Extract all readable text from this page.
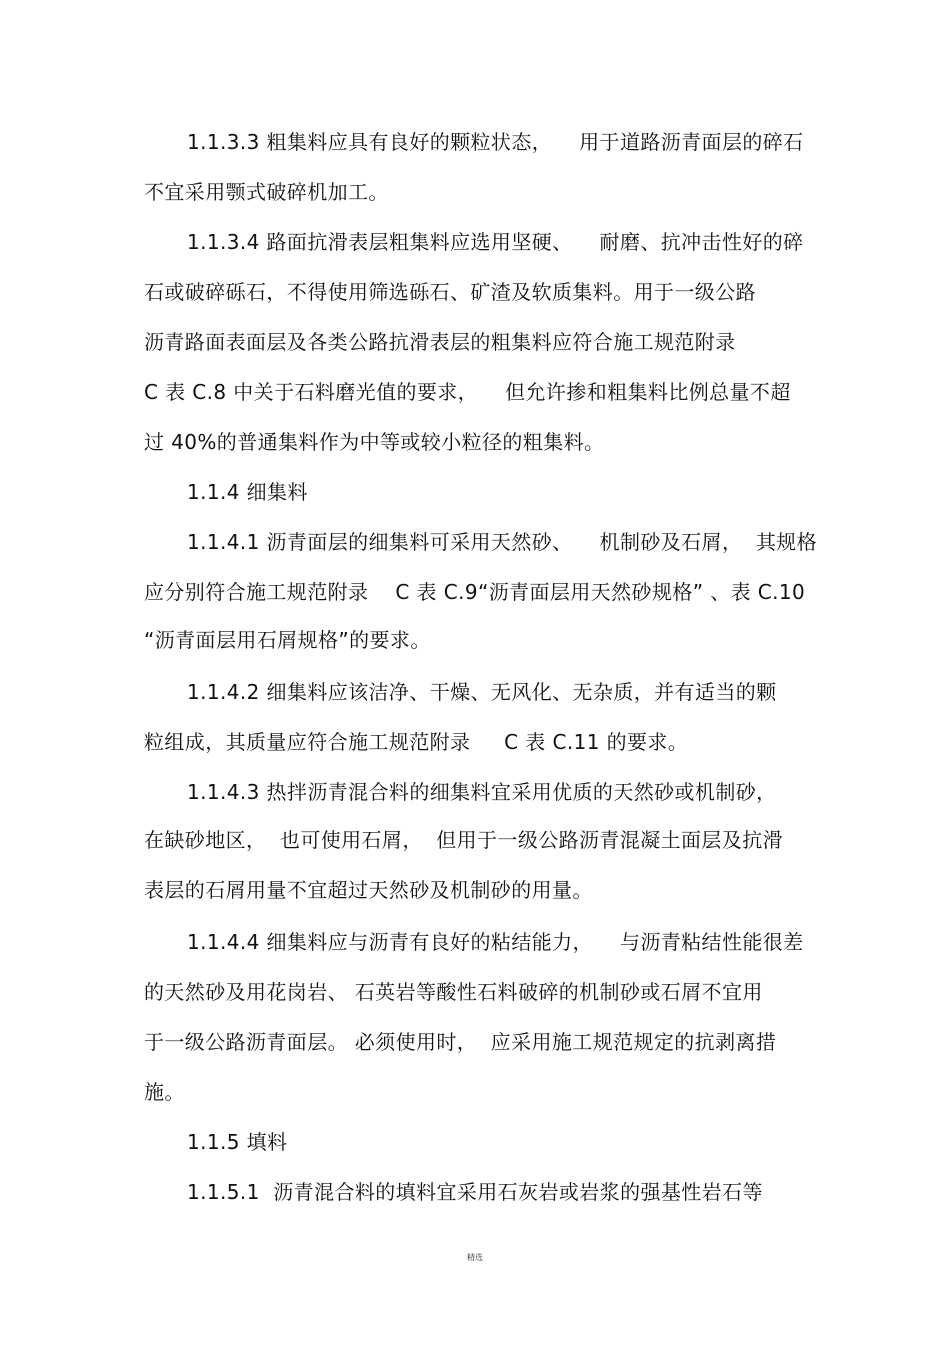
1.1.3.3 粗集料应具有良好的颗粒状态，    用于道路沥青面层的碎石
不宜采用颚式破碎机加工。
1.1.3.4 路面抗滑表层粗集料应选用坚硬、    耐磨、抗冲击性好的碎
石或破碎砾石，不得使用筛选砾石、矿渣及软质集料。用于一级公路
沥青路面表面层及各类公路抗滑表层的粗集料应符合施工规范附录
C 表 C.8 中关于石料磨光值的要求，    但允许掺和粗集料比例总量不超
过 40%的普通集料作为中等或较小粒径的粗集料。
1.1.4 细集料
1.1.4.1 沥青面层的细集料可采用天然砂、    机制砂及石屑，  其规格
应分别符合施工规范附录    C 表 C.9“沥青面层用天然砂规格” 、表 C.10
“沥青面层用石屑规格”的要求。
1.1.4.2 细集料应该洁净、干燥、无风化、无杂质，并有适当的颗
粒组成，其质量应符合施工规范附录     C 表 C.11 的要求。
1.1.4.3 热拌沥青混合料的细集料宜采用优质的天然砂或机制砂，
在缺砂地区，  也可使用石屑，  但用于一级公路沥青混凝土面层及抗滑
表层的石屑用量不宜超过天然砂及机制砂的用量。
1.1.4.4 细集料应与沥青有良好的粘结能力，    与沥青粘结性能很差
的天然砂及用花岗岩、 石英岩等酸性石料破碎的机制砂或石屑不宜用
于一级公路沥青面层。 必须使用时，  应采用施工规范规定的抗剥离措
施。
1.1.5 填料
1.1.5.1  沥青混合料的填料宜采用石灰岩或岩浆的强基性岩石等
精选
